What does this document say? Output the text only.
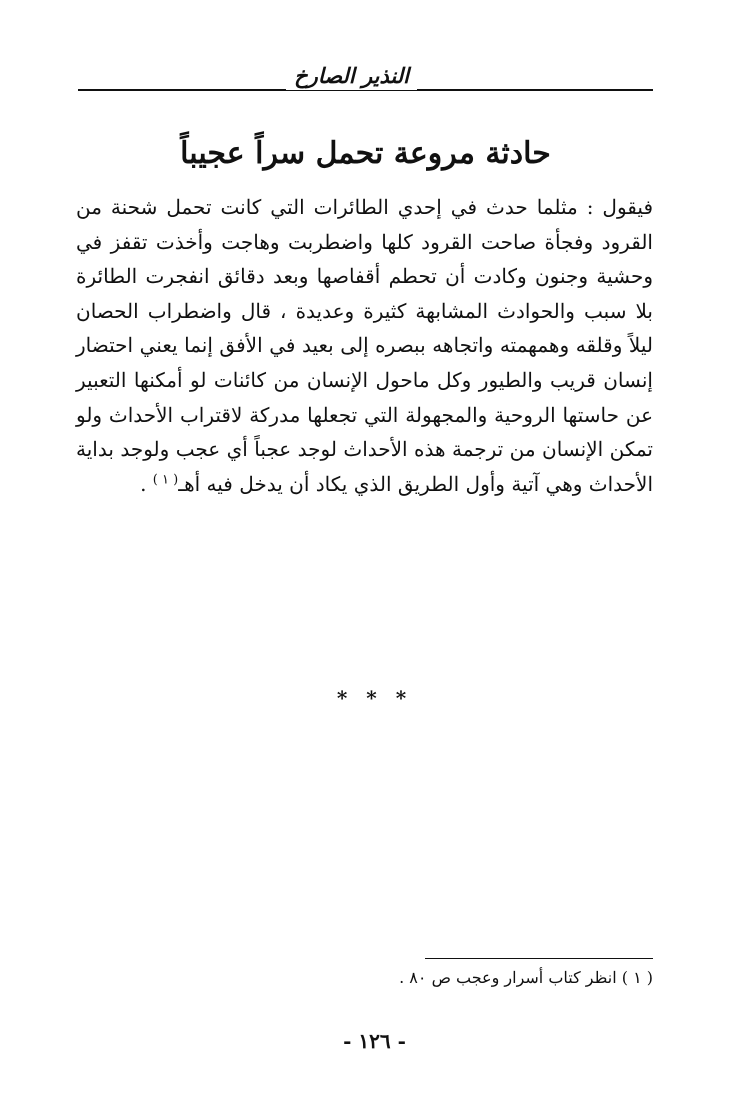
النذير الصارخ
حادثة مروعة تحمل سراً عجيباً

فيقول : مثلما حدث في إحدي الطائرات التي كانت تحمل شحنة من القرود وفجأة صاحت القرود كلها واضطربت وهاجت وأخذت تقفز في وحشية وجنون وكادت أن تحطم أقفاصها وبعد دقائق انفجرت الطائرة بلا سبب والحوادث المشابهة كثيرة وعديدة ، قال واضطراب الحصان ليلاً وقلقه وهمهمته واتجاهه ببصره إلى بعيد في الأفق إنما يعني احتضار إنسان قريب والطيور وكل ماحول الإنسان من كائنات لو أمكنها التعبير عن حاستها الروحية والمجهولة التي تجعلها مدركة لاقتراب الأحداث ولو تمكن الإنسان من ترجمة هذه الأحداث لوجد عجباً أي عجب ولوجد بداية الأحداث وهي آتية وأول الطريق الذي يكاد أن يدخل فيه أهـ$^{( ١ )}$ .

* * *
( ١ ) انظر كتاب أسرار وعجب ص ٨٠ .
- ١٢٦ -
